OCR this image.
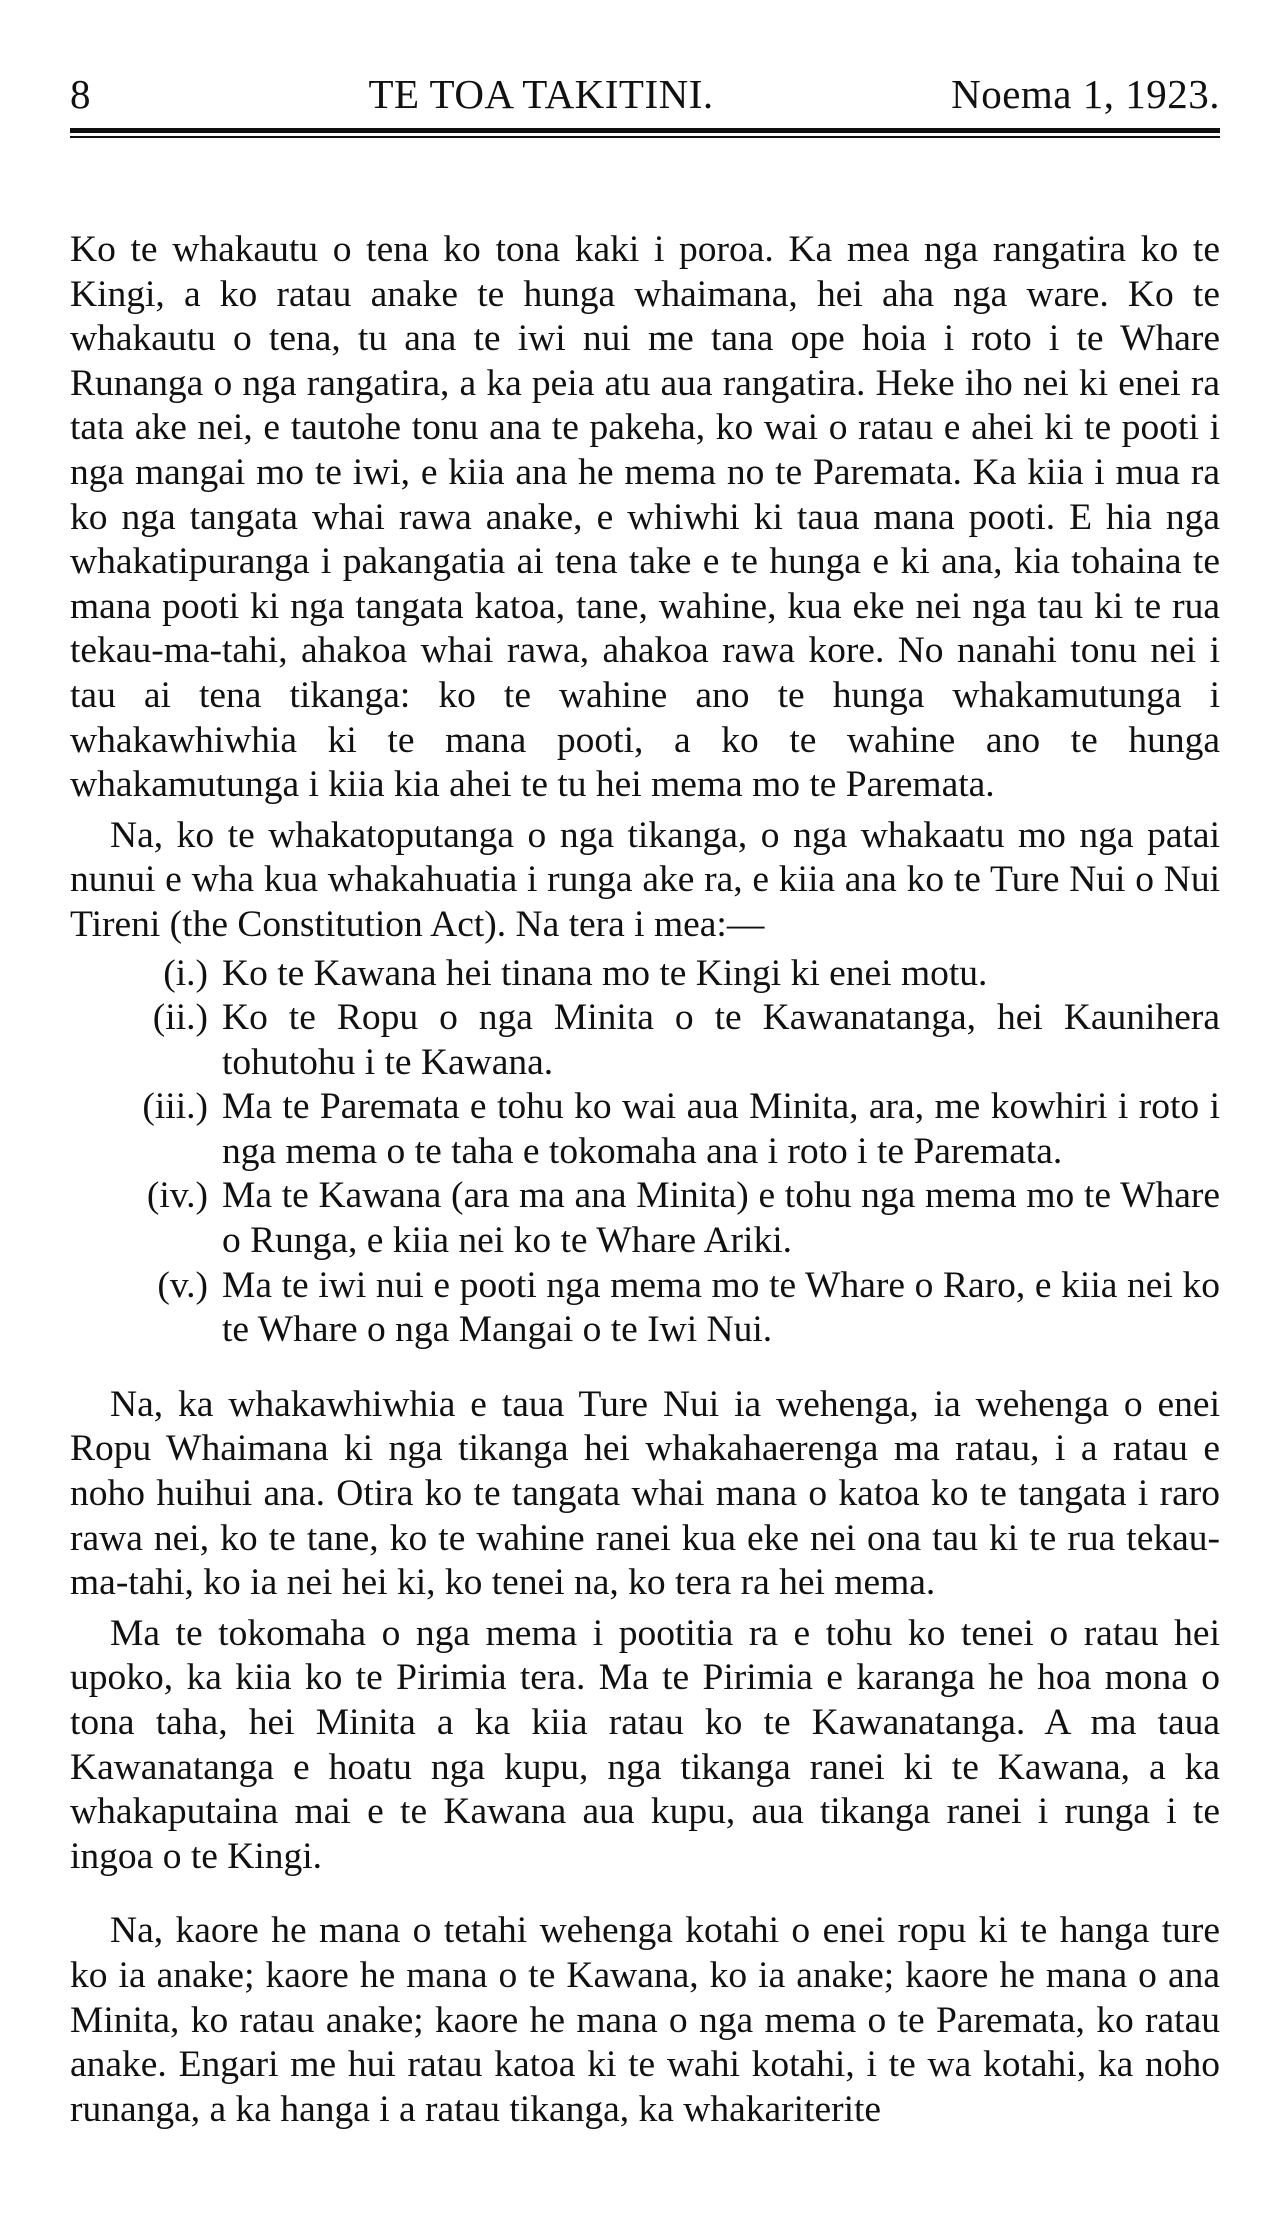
8	TE TOA TAKITINI.	Noema 1, 1923.

Ko te whakautu o tena ko tona kaki i poroa. Ka mea nga rangatira ko te Kingi, a ko ratau anake te hunga whaimana, hei aha nga ware. Ko te whakautu o tena, tu ana te iwi nui me tana ope hoia i roto i te Whare Runanga o nga rangatira, a ka peia atu aua rangatira. Heke iho nei ki enei ra tata ake nei, e tautohe tonu ana te pakeha, ko wai o ratau e ahei ki te pooti i nga mangai mo te iwi, e kiia ana he mema no te Paremata. Ka kiia i mua ra ko nga tangata whai rawa anake, e whiwhi ki taua mana pooti. E hia nga whakatipuranga i pakangatia ai tena take e te hunga e ki ana, kia tohaina te mana pooti ki nga tangata katoa, tane, wahine, kua eke nei nga tau ki te rua tekau-ma-tahi, ahakoa whai rawa, ahakoa rawa kore. No nanahi tonu nei i tau ai tena tikanga: ko te wahine ano te hunga whakamutunga i whakawhiwhia ki te mana pooti, a ko te wahine ano te hunga whakamutunga i kiia kia ahei te tu hei mema mo te Paremata.

Na, ko te whakatoputanga o nga tikanga, o nga whakaatu mo nga patai nunui e wha kua whakahuatia i runga ake ra, e kiia ana ko te Ture Nui o Nui Tireni (the Constitution Act). Na tera i mea:—

(i.) Ko te Kawana hei tinana mo te Kingi ki enei motu.
(ii.) Ko te Ropu o nga Minita o te Kawanatanga, hei Kaunihera tohutohu i te Kawana.
(iii.) Ma te Paremata e tohu ko wai aua Minita, ara, me kowhiri i roto i nga mema o te taha e tokomaha ana i roto i te Paremata.
(iv.) Ma te Kawana (ara ma ana Minita) e tohu nga mema mo te Whare o Runga, e kiia nei ko te Whare Ariki.
(v.) Ma te iwi nui e pooti nga mema mo te Whare o Raro, e kiia nei ko te Whare o nga Mangai o te Iwi Nui.

Na, ka whakawhiwhia e taua Ture Nui ia wehenga, ia wehenga o enei Ropu Whaimana ki nga tikanga hei whakahaerenga ma ratau, i a ratau e noho huihui ana. Otira ko te tangata whai mana o katoa ko te tangata i raro rawa nei, ko te tane, ko te wahine ranei kua eke nei ona tau ki te rua tekau-ma-tahi, ko ia nei hei ki, ko tenei na, ko tera ra hei mema.

Ma te tokomaha o nga mema i pootitia ra e tohu ko tenei o ratau hei upoko, ka kiia ko te Pirimia tera. Ma te Pirimia e karanga he hoa mona o tona taha, hei Minita a ka kiia ratau ko te Kawanatanga. A ma taua Kawanatanga e hoatu nga kupu, nga tikanga ranei ki te Kawana, a ka whakaputaina mai e te Kawana aua kupu, aua tikanga ranei i runga i te ingoa o te Kingi.

Na, kaore he mana o tetahi wehenga kotahi o enei ropu ki te hanga ture ko ia anake; kaore he mana o te Kawana, ko ia anake; kaore he mana o ana Minita, ko ratau anake; kaore he mana o nga mema o te Paremata, ko ratau anake. Engari me hui ratau katoa ki te wahi kotahi, i te wa kotahi, ka noho runanga, a ka hanga i a ratau tikanga, ka whakariterite
